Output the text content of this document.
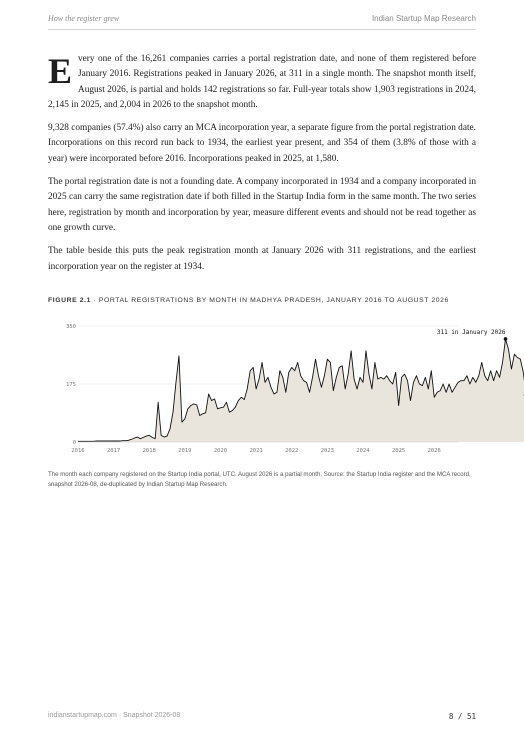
How the register grew	Indian Startup Map Research

Every one of the 16,261 companies carries a portal registration date, and none of them registered before January 2016. Registrations peaked in January 2026, at 311 in a single month. The snapshot month itself, August 2026, is partial and holds 142 registrations so far. Full-year totals show 1,903 registrations in 2024, 2,145 in 2025, and 2,004 in 2026 to the snapshot month.

9,328 companies (57.4%) also carry an MCA incorporation year, a separate figure from the portal registration date. Incorporations on this record run back to 1934, the earliest year present, and 354 of them (3.8% of those with a year) were incorporated before 2016. Incorporations peaked in 2025, at 1,580.

The portal registration date is not a founding date. A company incorporated in 1934 and a company incorporated in 2025 can carry the same registration date if both filled in the Startup India form in the same month. The two series here, registration by month and incorporation by year, measure different events and should not be read together as one growth curve.

The table beside this puts the peak registration month at January 2026 with 311 registrations, and the earliest incorporation year on the register at 1934.

FIGURE 2.1 · PORTAL REGISTRATIONS BY MONTH IN MADHYA PRADESH, JANUARY 2016 TO AUGUST 2026
0
175
350
2016	2017	2018	2019	2020	2021	2022	2023	2024	2025	2026
311 in January 2026
The month each company registered on the Startup India portal, UTC. August 2026 is a partial month. Source: the Startup India register and the MCA record, snapshot 2026-08, de-duplicated by Indian Startup Map Research.
indianstartupmap.com · Snapshot 2026-08	8 / 51
